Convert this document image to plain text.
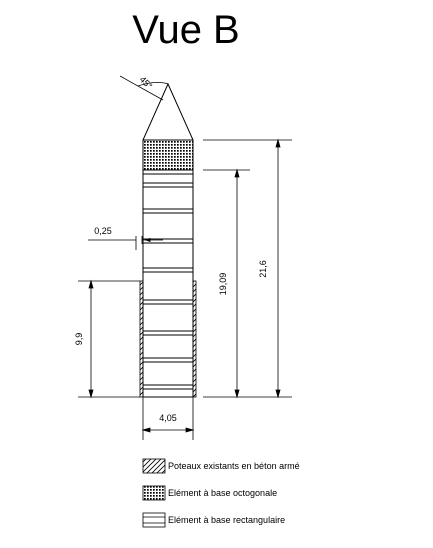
Vue B
45°
0,25
9,9
19,09
21,6
4,05
Poteaux existants en béton armé
Elément à base octogonale
Elément à base rectangulaire
